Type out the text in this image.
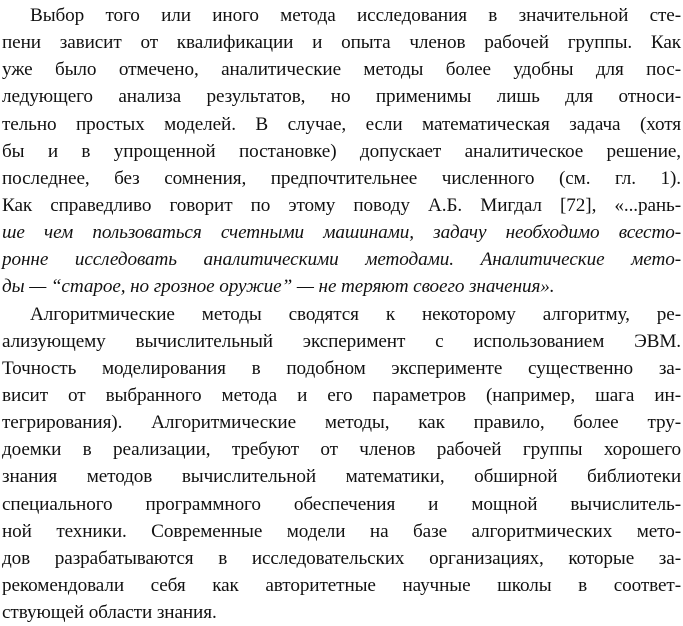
Выбор того или иного метода исследования в значительной сте-
пени зависит от квалификации и опыта членов рабочей группы. Как
уже было отмечено, аналитические методы более удобны для пос-
ледующего анализа результатов, но применимы лишь для относи-
тельно простых моделей. В случае, если математическая задача (хотя
бы и в упрощенной постановке) допускает аналитическое решение,
последнее, без сомнения, предпочтительнее численного (см. гл. 1).
Как справедливо говорит по этому поводу А.Б. Мигдал [72], «...рань-
ше чем пользоваться счетными машинами, задачу необходимо всесто-
ронне исследовать аналитическими методами. Аналитические мето-
ды — “старое, но грозное оружие” — не теряют своего значения».
Алгоритмические методы сводятся к некоторому алгоритму, ре-
ализующему вычислительный эксперимент с использованием ЭВМ.
Точность моделирования в подобном эксперименте существенно за-
висит от выбранного метода и его параметров (например, шага ин-
тегрирования). Алгоритмические методы, как правило, более тру-
доемки в реализации, требуют от членов рабочей группы хорошего
знания методов вычислительной математики, обширной библиотеки
специального программного обеспечения и мощной вычислитель-
ной техники. Современные модели на базе алгоритмических мето-
дов разрабатываются в исследовательских организациях, которые за-
рекомендовали себя как авторитетные научные школы в соответ-
ствующей области знания.
